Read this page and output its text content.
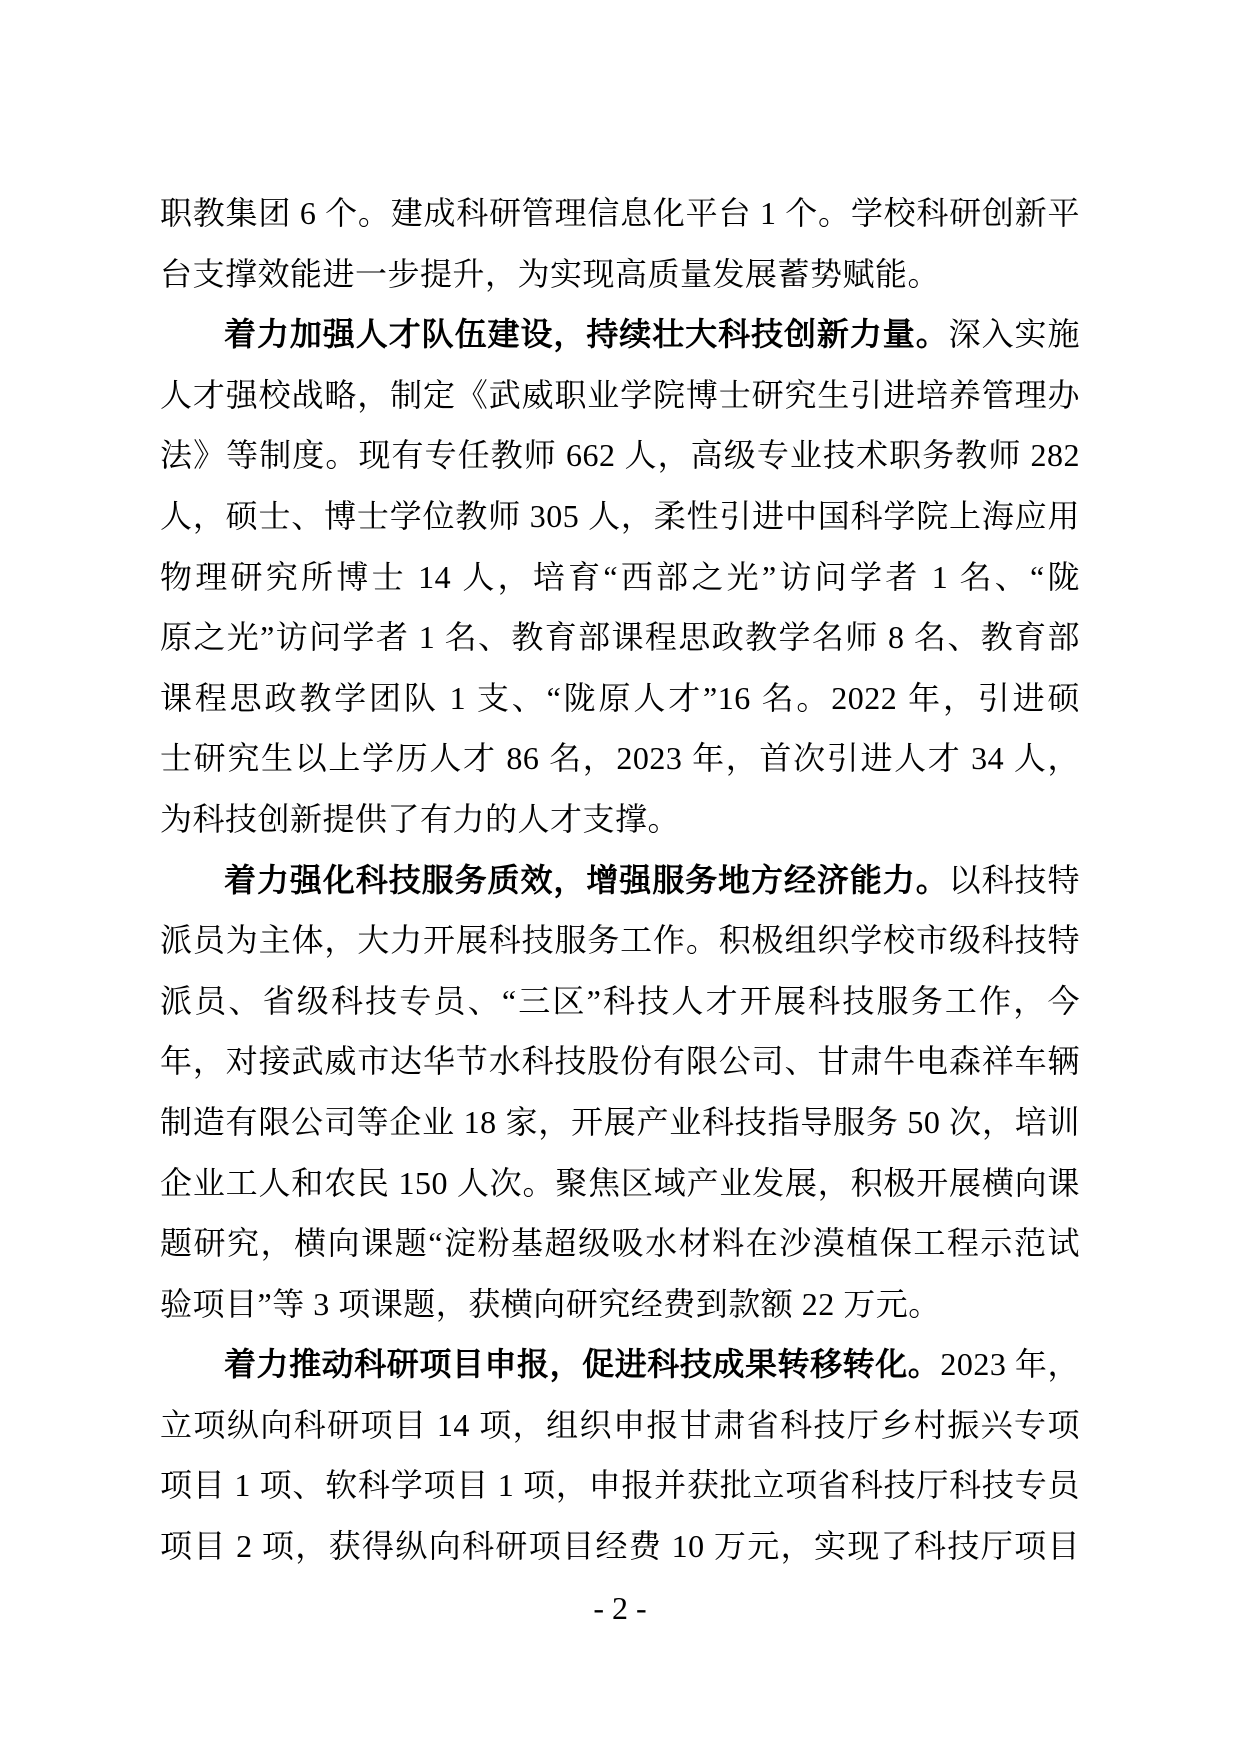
职教集团 6 个。建成科研管理信息化平台 1 个。学校科研创新平
台支撑效能进一步提升，为实现高质量发展蓄势赋能。
着力加强人才队伍建设，持续壮大科技创新力量。深入实施
人才强校战略，制定《武威职业学院博士研究生引进培养管理办
法》等制度。现有专任教师 662 人，高级专业技术职务教师 282
人，硕士、博士学位教师 305 人，柔性引进中国科学院上海应用
物理研究所博士 14 人，培育“西部之光”访问学者 1 名、“陇
原之光”访问学者 1 名、教育部课程思政教学名师 8 名、教育部
课程思政教学团队 1 支、“陇原人才”16 名。2022 年，引进硕
士研究生以上学历人才 86 名，2023 年，首次引进人才 34 人，
为科技创新提供了有力的人才支撑。
着力强化科技服务质效，增强服务地方经济能力。以科技特
派员为主体，大力开展科技服务工作。积极组织学校市级科技特
派员、省级科技专员、“三区”科技人才开展科技服务工作，今
年，对接武威市达华节水科技股份有限公司、甘肃牛电森祥车辆
制造有限公司等企业 18 家，开展产业科技指导服务 50 次，培训
企业工人和农民 150 人次。聚焦区域产业发展，积极开展横向课
题研究，横向课题“淀粉基超级吸水材料在沙漠植保工程示范试
验项目”等 3 项课题，获横向研究经费到款额 22 万元。
着力推动科研项目申报，促进科技成果转移转化。2023 年，
立项纵向科研项目 14 项，组织申报甘肃省科技厅乡村振兴专项
项目 1 项、软科学项目 1 项，申报并获批立项省科技厅科技专员
项目 2 项，获得纵向科研项目经费 10 万元，实现了科技厅项目
- 2 -
